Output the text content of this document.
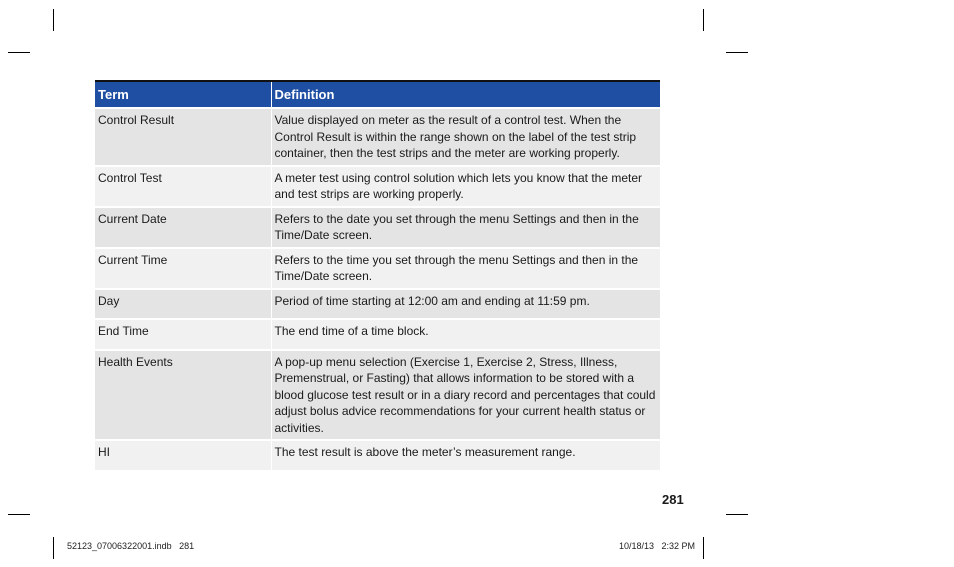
Term	Definition
Control Result	Value displayed on meter as the result of a control test. When the Control Result is within the range shown on the label of the test strip container, then the test strips and the meter are working properly.
Control Test	A meter test using control solution which lets you know that the meter and test strips are working properly.
Current Date	Refers to the date you set through the menu Settings and then in the Time/Date screen.
Current Time	Refers to the time you set through the menu Settings and then in the Time/Date screen.
Day	Period of time starting at 12:00 am and ending at 11:59 pm.
End Time	The end time of a time block.
Health Events	A pop-up menu selection (Exercise 1, Exercise 2, Stress, Illness, Premenstrual, or Fasting) that allows information to be stored with a blood glucose test result or in a diary record and percentages that could adjust bolus advice recommendations for your current health status or activities.
HI	The test result is above the meter’s measurement range.
281
52123_07006322001.indb   281	10/18/13   2:32 PM
